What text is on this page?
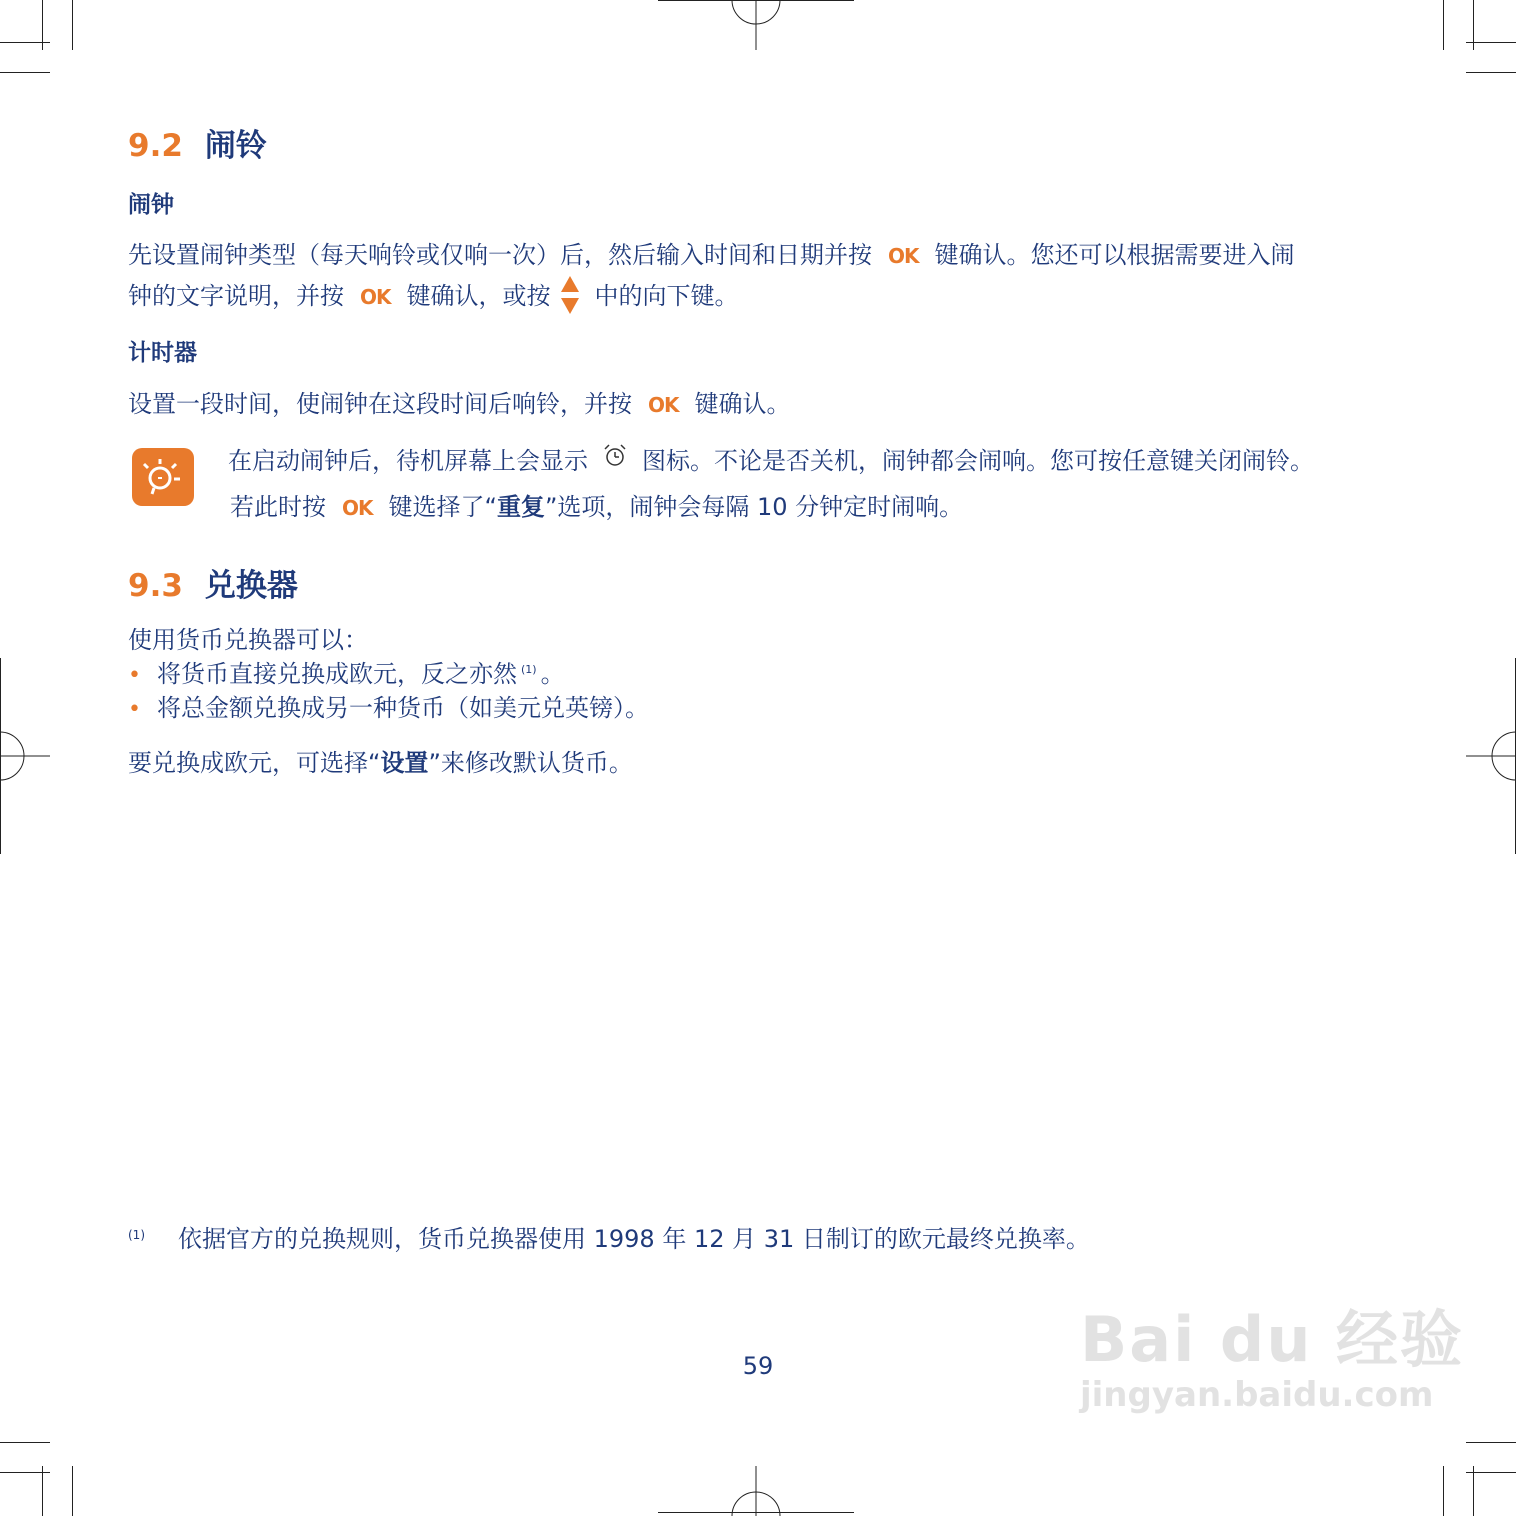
9.2 闹铃
闹钟
先设置闹钟类型（每天响铃或仅响一次）后，然后输入时间和日期并按 OK 键确认。您还可以根据需要进入闹
钟的文字说明，并按 OK 键确认，或按 中的向下键。
计时器
设置一段时间，使闹钟在这段时间后响铃，并按 OK 键确认。
在启动闹钟后，待机屏幕上会显示 图标。不论是否关机，闹钟都会闹响。您可按任意键关闭闹铃。
若此时按 OK 键选择了“重复”选项，闹钟会每隔 10 分钟定时闹响。
9.3 兑换器
使用货币兑换器可以：
• 将货币直接兑换成欧元，反之亦然 $^{(1)}$ 。
• 将总金额兑换成另一种货币（如美元兑英镑）。
要兑换成欧元，可选择“设置”来修改默认货币。
(1) 依据官方的兑换规则，货币兑换器使用 1998 年 12 月 31 日制订的欧元最终兑换率。
59	Bai du 经验
jingyan.baidu.com
